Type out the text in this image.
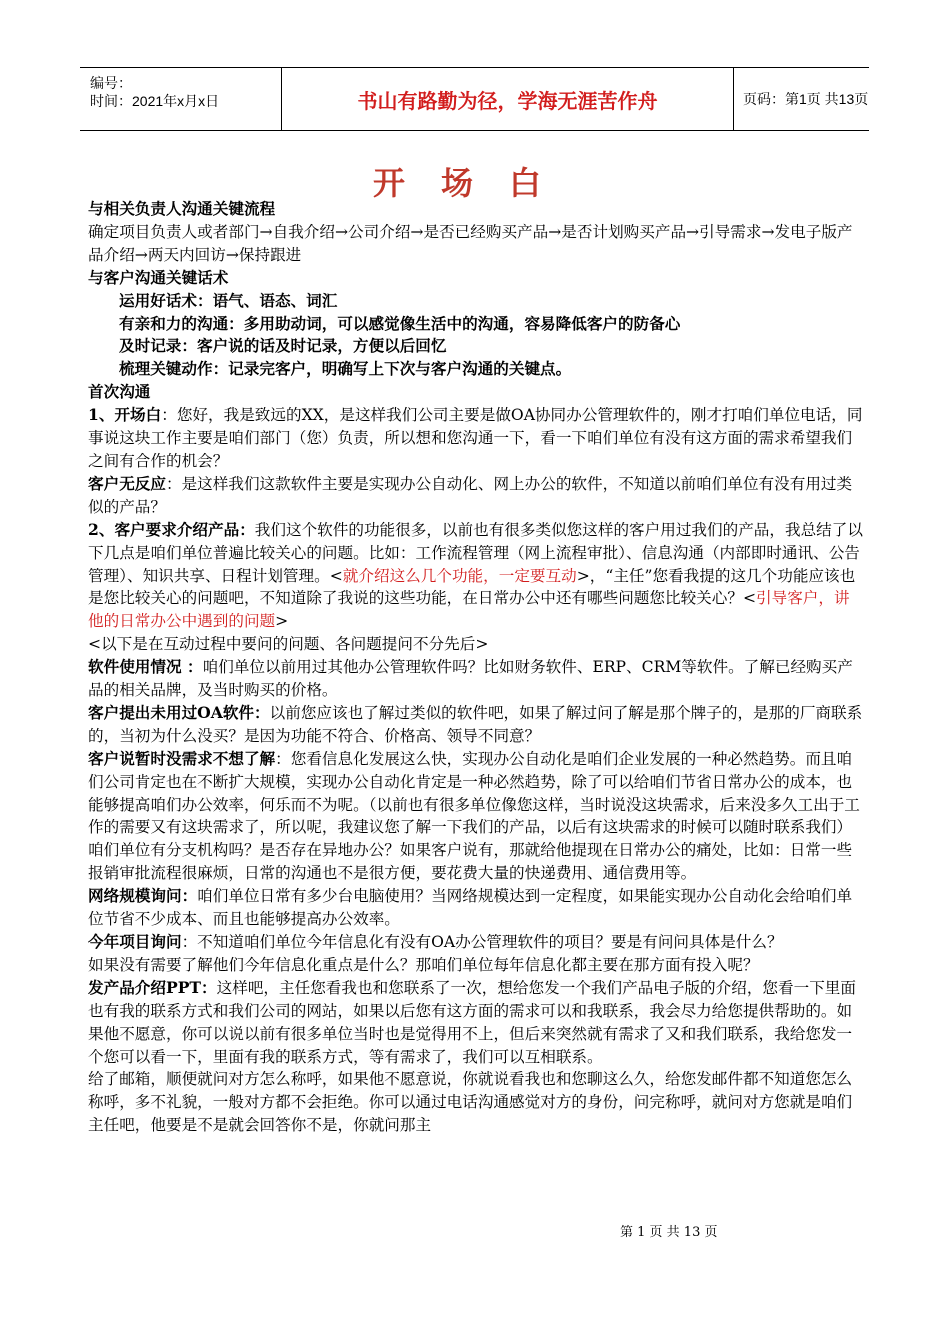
编号：
时间：2021年x月x日	书山有路勤为径，学海无涯苦作舟	页码：第1页 共13页
开场白

与相关负责人沟通关键流程

确定项目负责人或者部门→自我介绍→公司介绍→是否已经购买产品→是否计划购买产品→引导需求→发电子版产品介绍→两天内回访→保持跟进

与客户沟通关键话术

运用好话术：语气、语态、词汇

有亲和力的沟通：多用助动词，可以感觉像生活中的沟通，容易降低客户的防备心

及时记录：客户说的话及时记录，方便以后回忆

梳理关键动作：记录完客户，明确写上下次与客户沟通的关键点。

首次沟通

1、开场白：您好，我是致远的XX，是这样我们公司主要是做OA协同办公管理软件的，刚才打咱们单位电话，同事说这块工作主要是咱们部门（您）负责，所以想和您沟通一下，看一下咱们单位有没有这方面的需求希望我们之间有合作的机会？

客户无反应：是这样我们这款软件主要是实现办公自动化、网上办公的软件，不知道以前咱们单位有没有用过类似的产品？

2、客户要求介绍产品：我们这个软件的功能很多，以前也有很多类似您这样的客户用过我们的产品，我总结了以下几点是咱们单位普遍比较关心的问题。比如：工作流程管理（网上流程审批）、信息沟通（内部即时通讯、公告管理）、知识共享、日程计划管理。<就介绍这么几个功能，一定要互动>，“主任”您看我提的这几个功能应该也是您比较关心的问题吧，不知道除了我说的这些功能，在日常办公中还有哪些问题您比较关心？<引导客户，讲他的日常办公中遇到的问题>

<以下是在互动过程中要问的问题、各问题提问不分先后>

软件使用情况 ：咱们单位以前用过其他办公管理软件吗？比如财务软件、ERP、CRM等软件。了解已经购买产品的相关品牌，及当时购买的价格。

客户提出未用过OA软件：以前您应该也了解过类似的软件吧，如果了解过问了解是那个牌子的，是那的厂商联系的，当初为什么没买？是因为功能不符合、价格高、领导不同意？

客户说暂时没需求不想了解：您看信息化发展这么快，实现办公自动化是咱们企业发展的一种必然趋势。而且咱们公司肯定也在不断扩大规模，实现办公自动化肯定是一种必然趋势，除了可以给咱们节省日常办公的成本，也能够提高咱们办公效率，何乐而不为呢。（以前也有很多单位像您这样，当时说没这块需求，后来没多久工出于工作的需要又有这块需求了，所以呢，我建议您了解一下我们的产品，以后有这块需求的时候可以随时联系我们）

咱们单位有分支机构吗？是否存在异地办公？如果客户说有，那就给他提现在日常办公的痛处，比如：日常一些报销审批流程很麻烦，日常的沟通也不是很方便，要花费大量的快递费用、通信费用等。

网络规模询问：咱们单位日常有多少台电脑使用？当网络规模达到一定程度，如果能实现办公自动化会给咱们单位节省不少成本、而且也能够提高办公效率。

今年项目询问：不知道咱们单位今年信息化有没有OA办公管理软件的项目？要是有问问具体是什么？

如果没有需要了解他们今年信息化重点是什么？那咱们单位每年信息化都主要在那方面有投入呢？

发产品介绍PPT：这样吧，主任您看我也和您联系了一次，想给您发一个我们产品电子版的介绍，您看一下里面也有我的联系方式和我们公司的网站，如果以后您有这方面的需求可以和我联系，我会尽力给您提供帮助的。如果他不愿意，你可以说以前有很多单位当时也是觉得用不上，但后来突然就有需求了又和我们联系，我给您发一个您可以看一下，里面有我的联系方式，等有需求了，我们可以互相联系。

给了邮箱，顺便就问对方怎么称呼，如果他不愿意说，你就说看我也和您聊这么久，给您发邮件都不知道您怎么称呼，多不礼貌，一般对方都不会拒绝。你可以通过电话沟通感觉对方的身份，问完称呼，就问对方您就是咱们主任吧，他要是不是就会回答你不是，你就问那主

第 1 页 共 13 页
